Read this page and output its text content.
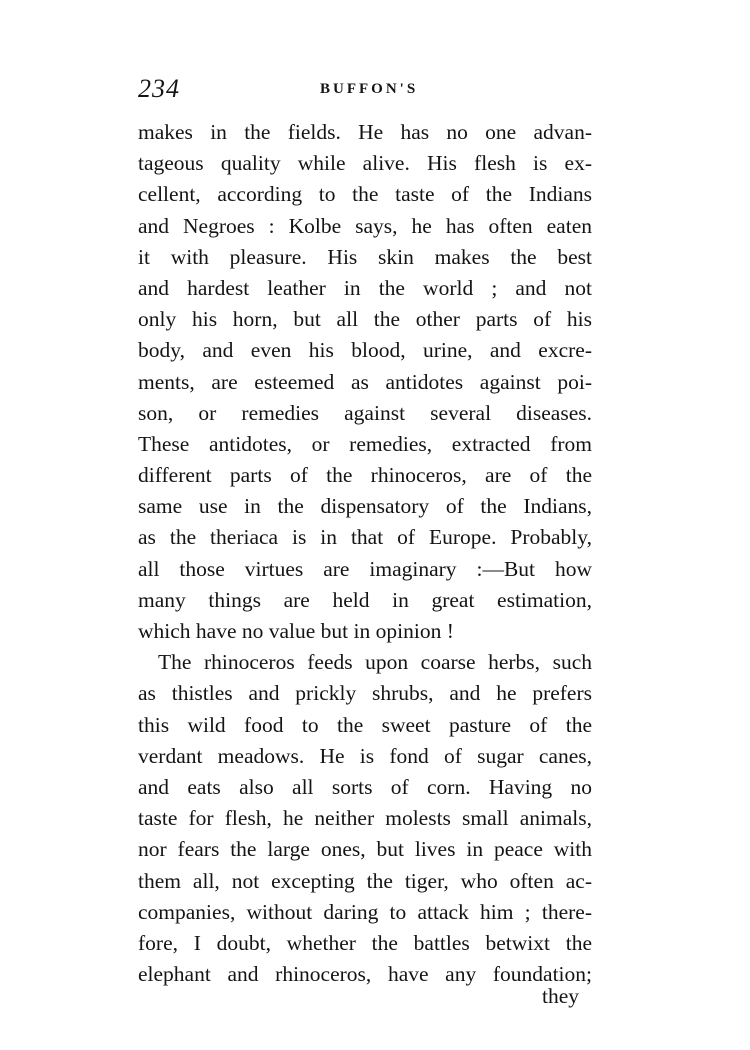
234	BUFFON'S
makes in the fields. He has no one advan-
tageous quality while alive. His flesh is ex-
cellent, according to the taste of the Indians
and Negroes : Kolbe says, he has often eaten
it with pleasure. His skin makes the best
and hardest leather in the world ; and not
only his horn, but all the other parts of his
body, and even his blood, urine, and excre-
ments, are esteemed as antidotes against poi-
son, or remedies against several diseases.
These antidotes, or remedies, extracted from
different parts of the rhinoceros, are of the
same use in the dispensatory of the Indians,
as the theriaca is in that of Europe. Probably,
all those virtues are imaginary :—But how
many things are held in great estimation,
which have no value but in opinion !
The rhinoceros feeds upon coarse herbs, such
as thistles and prickly shrubs, and he prefers
this wild food to the sweet pasture of the
verdant meadows. He is fond of sugar canes,
and eats also all sorts of corn. Having no
taste for flesh, he neither molests small animals,
nor fears the large ones, but lives in peace with
them all, not excepting the tiger, who often ac-
companies, without daring to attack him ; there-
fore, I doubt, whether the battles betwixt the
elephant and rhinoceros, have any foundation;
they
